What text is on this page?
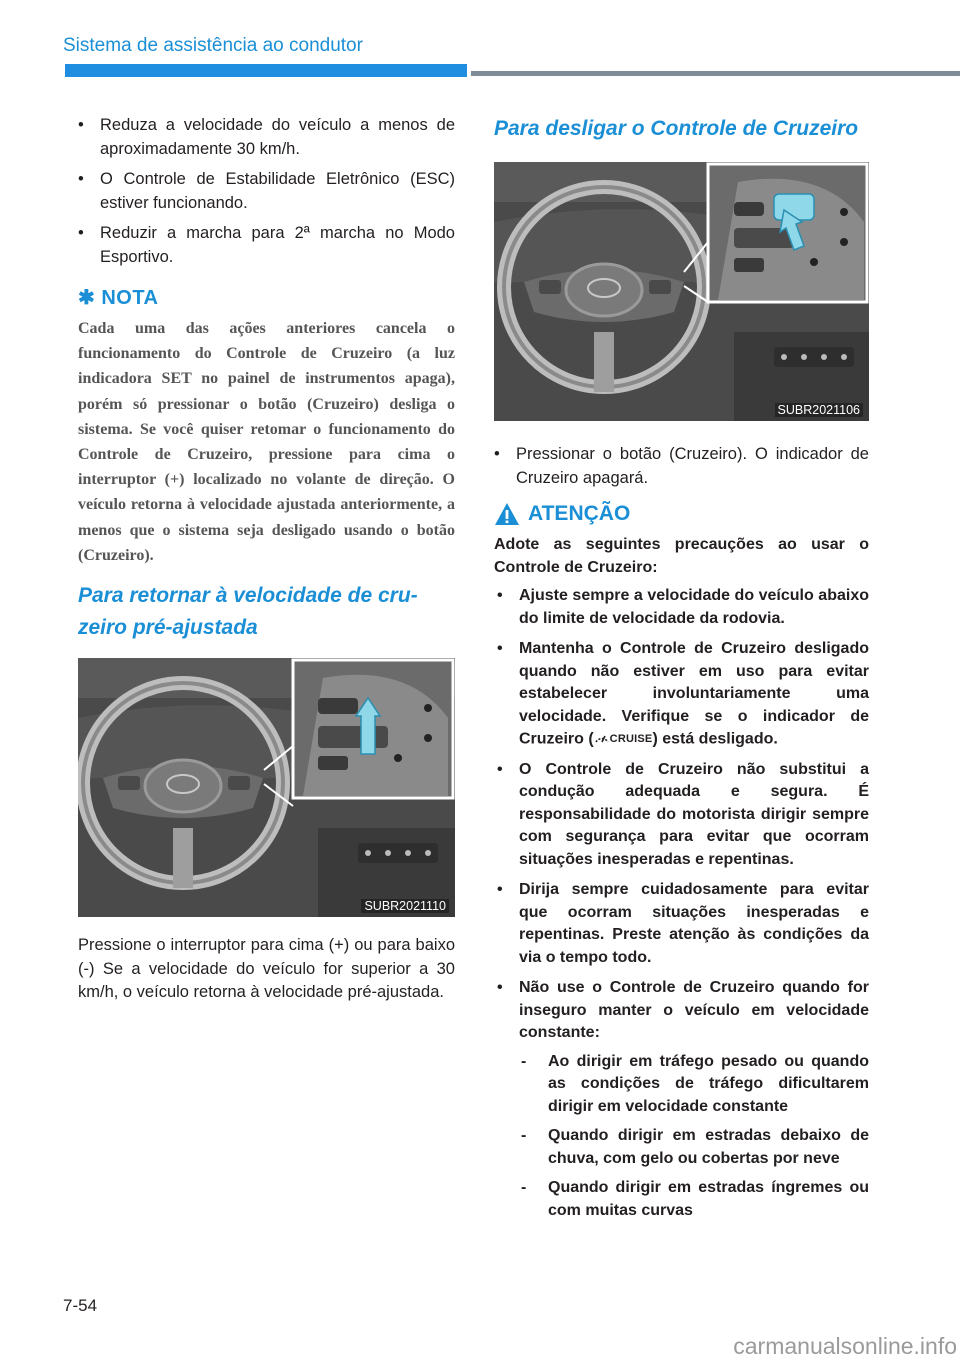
Sistema de assistência ao condutor
• Reduza a velocidade do veículo a menos de aproximadamente 30 km/h.
• O Controle de Estabilidade Eletrônico (ESC) estiver funcionando.
• Reduzir a marcha para 2ª marcha no Modo Esportivo.
✱ NOTA
Cada uma das ações anteriores cancela o funcionamento do Controle de Cruzeiro (a luz indicadora SET no painel de instrumentos apaga), porém só pressionar o botão (Cruzeiro) desliga o sistema. Se você quiser retomar o funcionamento do Controle de Cruzeiro, pressione para cima o interruptor (+) localizado no volante de direção. O veículo retorna à velocidade ajustada anteriormente, a menos que o sistema seja desligado usando o botão (Cruzeiro).
Para retornar à velocidade de cru-
zeiro pré-ajustada
SUBR2021110
Pressione o interruptor para cima (+) ou para baixo (-) Se a velocidade do veículo for superior a 30 km/h, o veículo retorna à velocidade pré-ajustada.
Para desligar o Controle de Cruzeiro
SUBR2021106
• Pressionar o botão (Cruzeiro). O indicador de Cruzeiro apagará.
ATENÇÃO
Adote as seguintes precauções ao usar o Controle de Cruzeiro:
• Ajuste sempre a velocidade do veículo abaixo do limite de velocidade da rodovia.
• Mantenha o Controle de Cruzeiro desligado quando não estiver em uso para evitar estabelecer involuntariamente uma velocidade. Verifique se o indicador de Cruzeiro ( CRUISE) está desligado.
• O Controle de Cruzeiro não substitui a condução adequada e segura. É responsabilidade do motorista dirigir sempre com segurança para evitar que ocorram situações inesperadas e repentinas.
• Dirija sempre cuidadosamente para evitar que ocorram situações inesperadas e repentinas. Preste atenção às condições da via o tempo todo.
• Não use o Controle de Cruzeiro quando for inseguro manter o veículo em velocidade constante:
- Ao dirigir em tráfego pesado ou quando as condições de tráfego dificultarem dirigir em velocidade constante
- Quando dirigir em estradas debaixo de chuva, com gelo ou cobertas por neve
- Quando dirigir em estradas íngremes ou com muitas curvas
7-54
carmanualsonline.info
